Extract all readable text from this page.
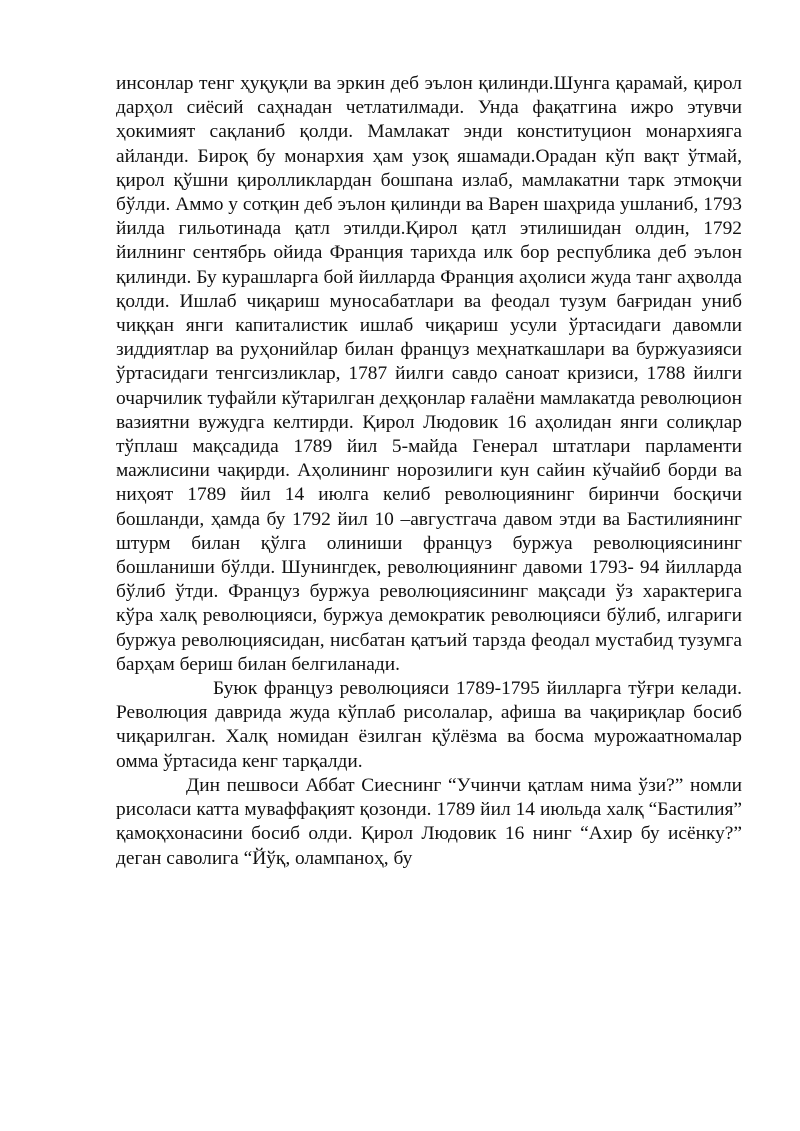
инсонлар тенг ҳуқуқли ва эркин деб эълон қилинди.Шунга қарамай, қирол дарҳол сиёсий саҳнадан четлатилмади. Унда фақатгина ижро этувчи ҳокимият сақланиб қолди. Мамлакат энди конституцион монархияга айланди. Бироқ бу монархия ҳам узоқ яшамади.Орадан кўп вақт ўтмай, қирол қўшни қиролликлардан бошпана излаб, мамлакатни тарк этмоқчи бўлди. Аммо у сотқин деб эълон қилинди ва Варен шаҳрида ушланиб, 1793 йилда гильотинада қатл этилди.Қирол қатл этилишидан олдин, 1792 йилнинг сентябрь ойида Франция тарихда илк бор республика деб эълон қилинди. Бу курашларга бой йилларда Франция аҳолиси жуда танг аҳволда қолди. Ишлаб чиқариш муносабатлари ва феодал тузум бағридан униб чиққан янги капиталистик ишлаб чиқариш усули ўртасидаги давомли зиддиятлар ва руҳонийлар билан француз меҳнаткашлари ва буржуазияси ўртасидаги тенгсизликлар, 1787 йилги савдо саноат кризиси, 1788 йилги очарчилик туфайли кўтарилган деҳқонлар ғалаёни мамлакатда революцион вазиятни вужудга келтирди. Қирол Людовик 16 аҳолидан янги солиқлар тўплаш мақсадида 1789 йил 5-майда Генерал штатлари парламенти мажлисини чақирди. Аҳолининг норозилиги кун сайин кўчайиб борди ва ниҳоят 1789 йил 14 июлга келиб революциянинг биринчи босқичи бошланди, ҳамда бу 1792 йил 10 –августгача давом этди ва Бастилиянинг штурм билан қўлга олиниши француз буржуа революциясининг бошланиши бўлди. Шунингдек, революциянинг давоми 1793- 94 йилларда бўлиб ўтди. Француз буржуа революциясининг мақсади ўз характерига кўра халқ революцияси, буржуа демократик революцияси бўлиб, илгариги буржуа революциясидан, нисбатан қатъий тарзда феодал мустабид тузумга барҳам бериш билан белгиланади.

Буюк француз революцияси 1789-1795 йилларга тўғри келади. Революция даврида жуда кўплаб рисолалар, афиша ва чақириқлар босиб чиқарилган. Халқ номидан ёзилган қўлёзма ва босма мурожаатномалар омма ўртасида кенг тарқалди.

Дин пешвоси Аббат Сиеснинг “Учинчи қатлам нима ўзи?” номли рисоласи катта муваффақият қозонди. 1789 йил 14 июльда халқ “Бастилия” қамоқхонасини босиб олди. Қирол Людовик 16 нинг “Ахир бу исёнку?” деган саволига “Йўқ, олампаноҳ, бу
